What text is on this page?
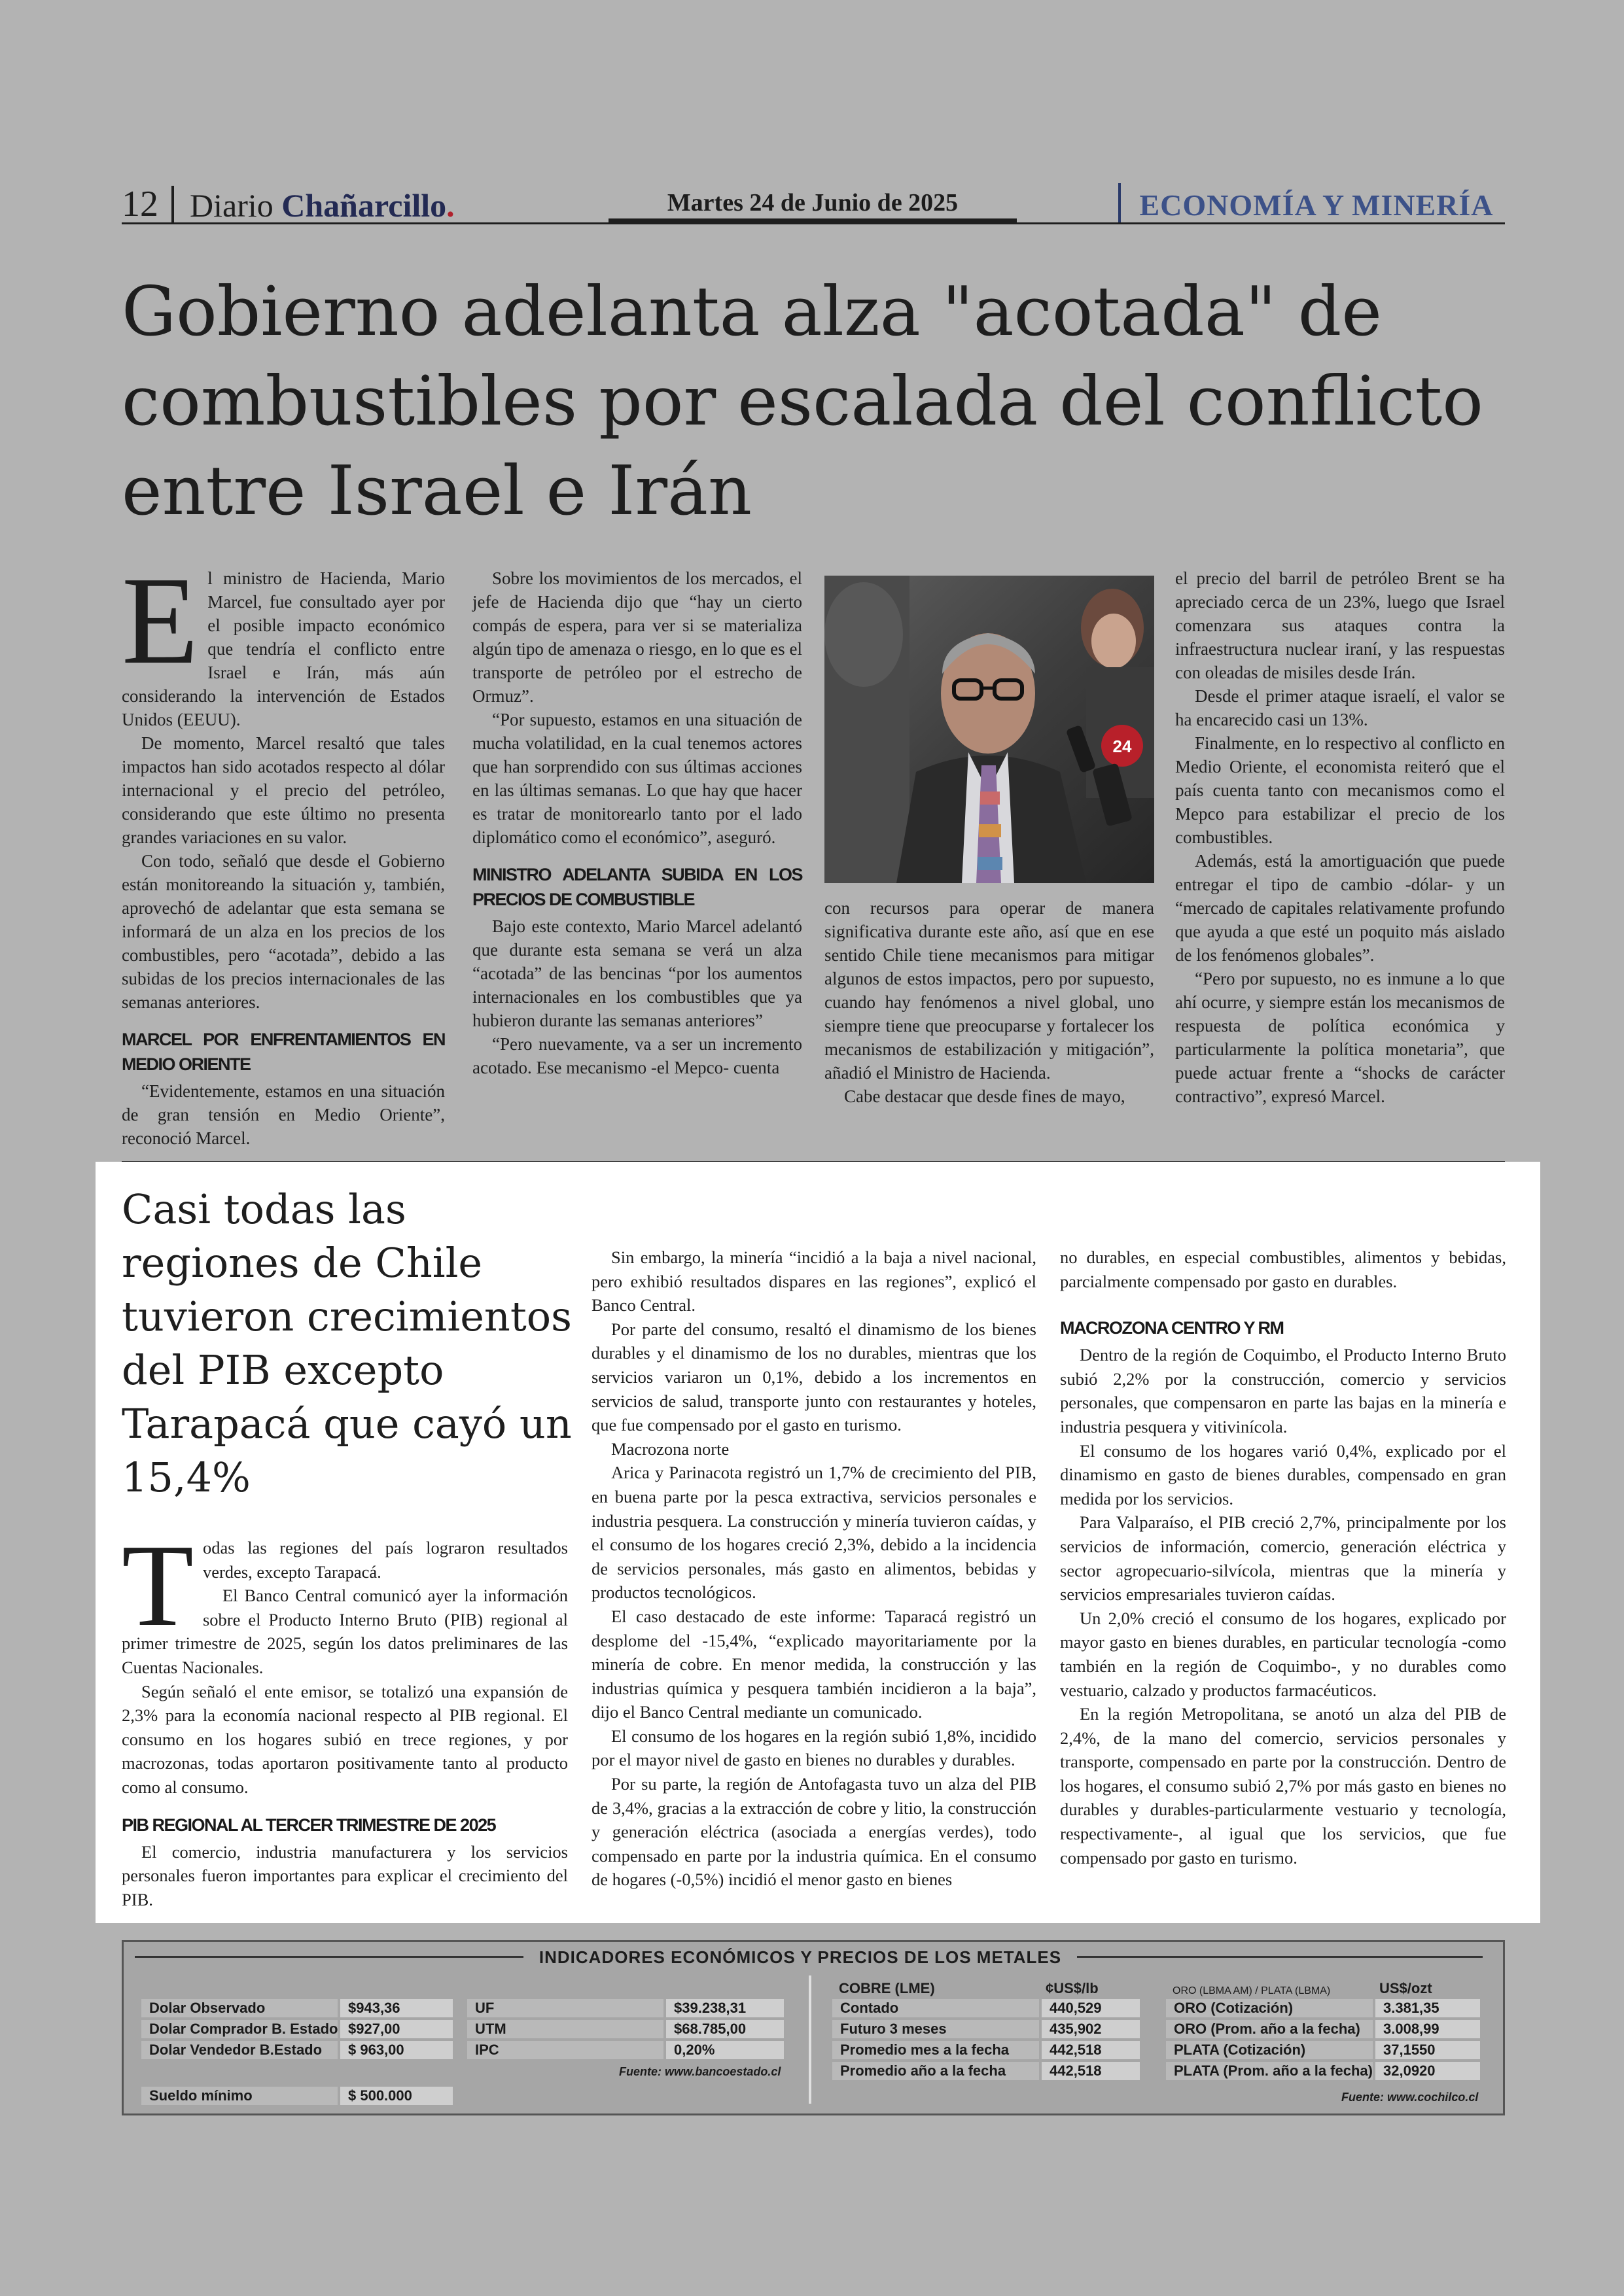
12 Diario Chañarcillo.	Martes 24 de Junio de 2025	ECONOMÍA Y MINERÍA
Gobierno adelanta alza "acotada" de combustibles por escalada del conflicto entre Israel e Irán

El ministro de Hacienda, Mario Marcel, fue consultado ayer por el posible impacto económico que tendría el conflicto entre Israel e Irán, más aún considerando la intervención de Estados Unidos (EEUU).

De momento, Marcel resaltó que tales impactos han sido acotados respecto al dólar internacional y el precio del petróleo, considerando que este último no presenta grandes variaciones en su valor.

Con todo, señaló que desde el Gobierno están monitoreando la situación y, también, aprovechó de adelantar que esta semana se informará de un alza en los precios de los combustibles, pero “acotada”, debido a las subidas de los precios internacionales de las semanas anteriores.

MARCEL POR ENFRENTAMIENTOS EN MEDIO ORIENTE

“Evidentemente, estamos en una situación de gran tensión en Medio Oriente”, reconoció Marcel.

Sobre los movimientos de los mercados, el jefe de Hacienda dijo que “hay un cierto compás de espera, para ver si se materializa algún tipo de amenaza o riesgo, en lo que es el transporte de petróleo por el estrecho de Ormuz”.

“Por supuesto, estamos en una situación de mucha volatilidad, en la cual tenemos actores que han sorprendido con sus últimas acciones en las últimas semanas. Lo que hay que hacer es tratar de monitorearlo tanto por el lado diplomático como el económico”, aseguró.

MINISTRO ADELANTA SUBIDA EN LOS PRECIOS DE COMBUSTIBLE

Bajo este contexto, Mario Marcel adelantó que durante esta semana se verá un alza “acotada” de las bencinas “por los aumentos internacionales en los combustibles que ya hubieron durante las semanas anteriores”

“Pero nuevamente, va a ser un incremento acotado. Ese mecanismo -el Mepco- cuenta

24

con recursos para operar de manera significativa durante este año, así que en ese sentido Chile tiene mecanismos para mitigar algunos de estos impactos, pero por supuesto, cuando hay fenómenos a nivel global, uno siempre tiene que preocuparse y fortalecer los mecanismos de estabilización y mitigación”, añadió el Ministro de Hacienda.

Cabe destacar que desde fines de mayo,

el precio del barril de petróleo Brent se ha apreciado cerca de un 23%, luego que Israel comenzara sus ataques contra la infraestructura nuclear iraní, y las respuestas con oleadas de misiles desde Irán.

Desde el primer ataque israelí, el valor se ha encarecido casi un 13%.

Finalmente, en lo respectivo al conflicto en Medio Oriente, el economista reiteró que el país cuenta tanto con mecanismos como el Mepco para estabilizar el precio de los combustibles.

Además, está la amortiguación que puede entregar el tipo de cambio -dólar- y un “mercado de capitales relativamente profundo que ayuda a que esté un poquito más aislado de los fenómenos globales”.

“Pero por supuesto, no es inmune a lo que ahí ocurre, y siempre están los mecanismos de respuesta de política económica y particularmente la política monetaria”, que puede actuar frente a “shocks de carácter contractivo”, expresó Marcel.

Casi todas las regiones de Chile tuvieron crecimientos del PIB excepto Tarapacá que cayó un 15,4%

Todas las regiones del país lograron resultados verdes, excepto Tarapacá.

El Banco Central comunicó ayer la información sobre el Producto Interno Bruto (PIB) regional al primer trimestre de 2025, según los datos preliminares de las Cuentas Nacionales.

Según señaló el ente emisor, se totalizó una expansión de 2,3% para la economía nacional respecto al PIB regional. El consumo en los hogares subió en trece regiones, y por macrozonas, todas aportaron positivamente tanto al producto como al consumo.

PIB REGIONAL AL TERCER TRIMESTRE DE 2025

El comercio, industria manufacturera y los servicios personales fueron importantes para explicar el crecimiento del PIB.

Sin embargo, la minería “incidió a la baja a nivel nacional, pero exhibió resultados dispares en las regiones”, explicó el Banco Central.

Por parte del consumo, resaltó el dinamismo de los bienes durables y el dinamismo de los no durables, mientras que los servicios variaron un 0,1%, debido a los incrementos en servicios de salud, transporte junto con restaurantes y hoteles, que fue compensado por el gasto en turismo.

Macrozona norte

Arica y Parinacota registró un 1,7% de crecimiento del PIB, en buena parte por la pesca extractiva, servicios personales e industria pesquera. La construcción y minería tuvieron caídas, y el consumo de los hogares creció 2,3%, debido a la incidencia de servicios personales, más gasto en alimentos, bebidas y productos tecnológicos.

El caso destacado de este informe: Taparacá registró un desplome del -15,4%, “explicado mayoritariamente por la minería de cobre. En menor medida, la construcción y las industrias química y pesquera también incidieron a la baja”, dijo el Banco Central mediante un comunicado.

El consumo de los hogares en la región subió 1,8%, incidido por el mayor nivel de gasto en bienes no durables y durables.

Por su parte, la región de Antofagasta tuvo un alza del PIB de 3,4%, gracias a la extracción de cobre y litio, la construcción y generación eléctrica (asociada a energías verdes), todo compensado en parte por la industria química. En el consumo de hogares (-0,5%) incidió el menor gasto en bienes

no durables, en especial combustibles, alimentos y bebidas, parcialmente compensado por gasto en durables.

MACROZONA CENTRO Y RM

Dentro de la región de Coquimbo, el Producto Interno Bruto subió 2,2% por la construcción, comercio y servicios personales, que compensaron en parte las bajas en la minería e industria pesquera y vitivinícola.

El consumo de los hogares varió 0,4%, explicado por el dinamismo en gasto de bienes durables, compensado en gran medida por los servicios.

Para Valparaíso, el PIB creció 2,7%, principalmente por los servicios de información, comercio, generación eléctrica y sector agropecuario-silvícola, mientras que la minería y servicios empresariales tuvieron caídas.

Un 2,0% creció el consumo de los hogares, explicado por mayor gasto en bienes durables, en particular tecnología -como también en la región de Coquimbo-, y no durables como vestuario, calzado y productos farmacéuticos.

En la región Metropolitana, se anotó un alza del PIB de 2,4%, de la mano del comercio, servicios personales y transporte, compensado en parte por la construcción. Dentro de los hogares, el consumo subió 2,7% por más gasto en bienes no durables y durables-particularmente vestuario y tecnología, respectivamente-, al igual que los servicios, que fue compensado por gasto en turismo.

INDICADORES ECONÓMICOS Y PRECIOS DE LOS METALES
Dolar Observado	$943,36
Dolar Comprador B. Estado $927,00
Dolar Vendedor B.Estado	$ 963,00
Sueldo mínimo	$ 500.000
UF	$39.238,31
UTM	$68.785,00
IPC	0,20%
Fuente: www.bancoestado.cl
COBRE (LME)	¢US$/lb
Contado	440,529
Futuro 3 meses	435,902
Promedio mes a la fecha	442,518
Promedio año a la fecha	442,518
ORO (LBMA AM) / PLATA (LBMA)	US$/ozt
ORO (Cotización)	3.381,35
ORO (Prom. año a la fecha)	3.008,99
PLATA (Cotización)	37,1550
PLATA (Prom. año a la fecha) 32,0920
Fuente: www.cochilco.cl
